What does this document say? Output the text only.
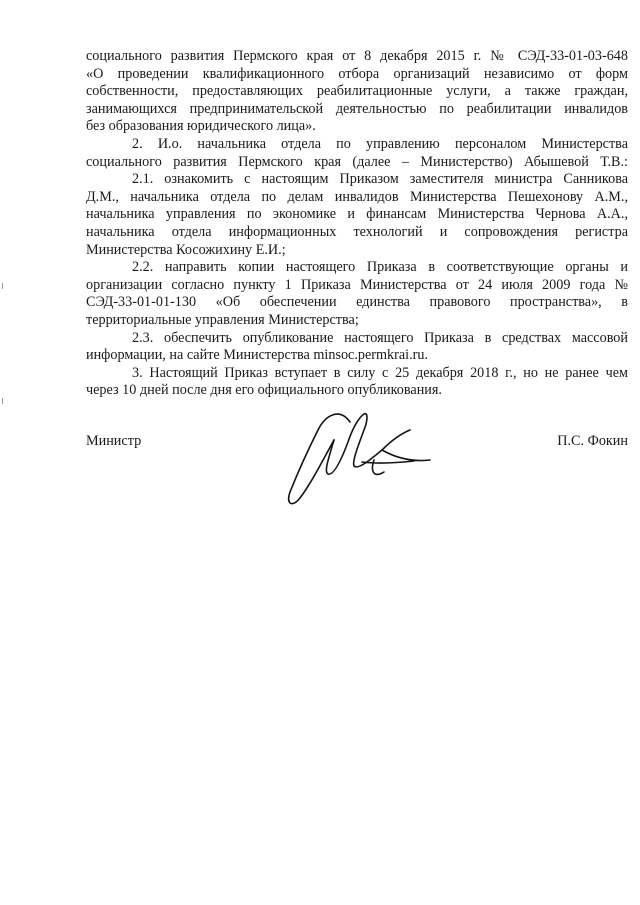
социального развития Пермского края от 8 декабря 2015 г. № СЭД-33-01-03-648
«О проведении квалификационного отбора организаций независимо от форм
собственности, предоставляющих реабилитационные услуги, а также граждан,
занимающихся предпринимательской деятельностью по реабилитации инвалидов
без образования юридического лица».
2. И.о. начальника отдела по управлению персоналом Министерства
социального развития Пермского края (далее – Министерство) Абышевой Т.В.:
2.1. ознакомить с настоящим Приказом заместителя министра Санникова
Д.М., начальника отдела по делам инвалидов Министерства Пешехонову А.М.,
начальника управления по экономике и финансам Министерства Чернова А.А.,
начальника отдела информационных технологий и сопровождения регистра
Министерства Косожихину Е.И.;
2.2. направить копии настоящего Приказа в соответствующие органы и
организации согласно пункту 1 Приказа Министерства от 24 июля 2009 года №
СЭД-33-01-01-130 «Об обеспечении единства правового пространства», в
территориальные управления Министерства;
2.3. обеспечить опубликование настоящего Приказа в средствах массовой
информации, на сайте Министерства minsoc.permkrai.ru.
3. Настоящий Приказ вступает в силу с 25 декабря 2018 г., но не ранее чем
через 10 дней после дня его официального опубликования.
Министр	П.С. Фокин
